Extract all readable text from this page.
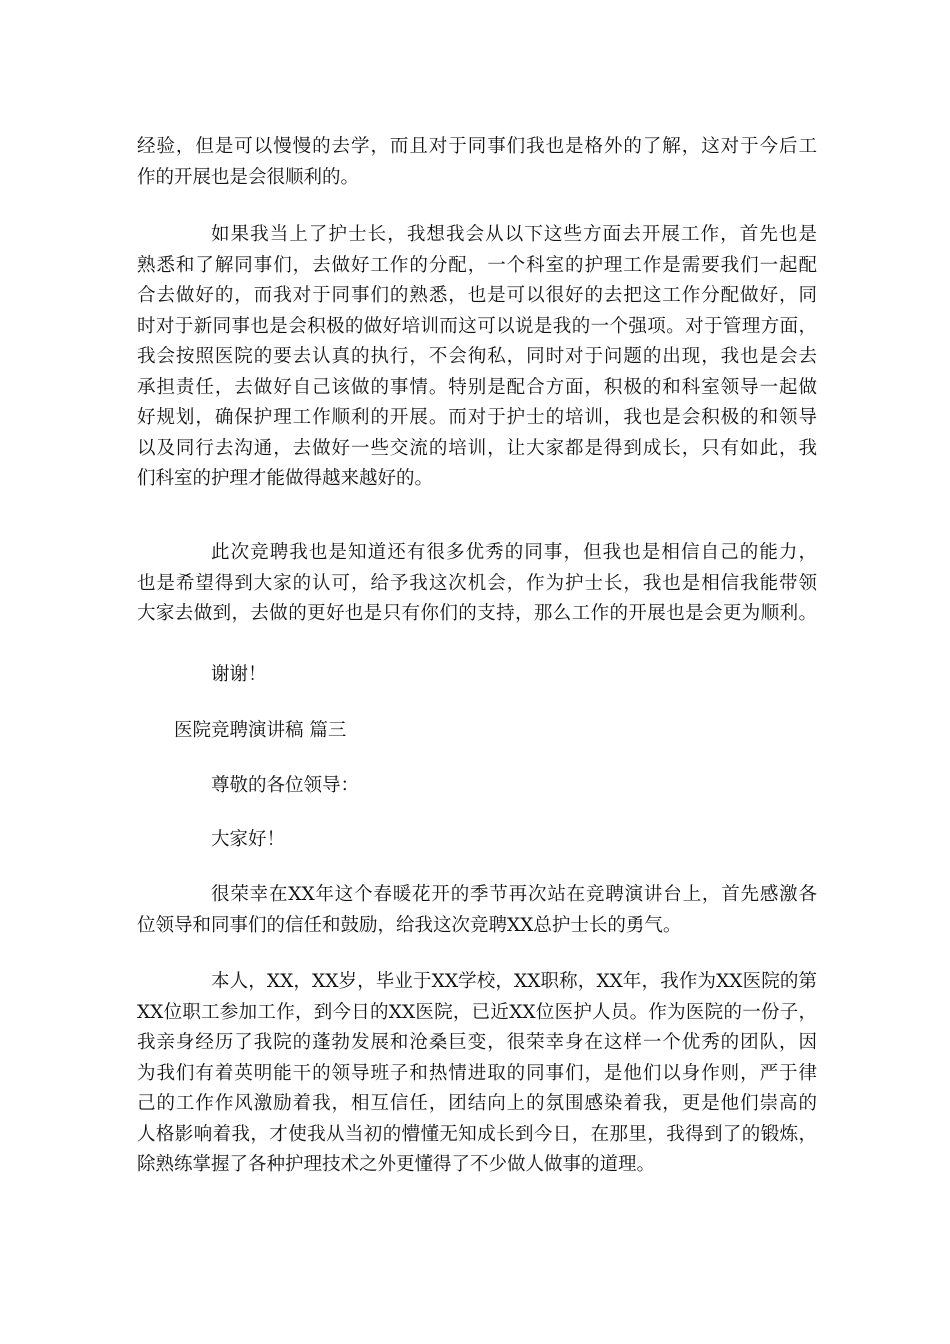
经验，但是可以慢慢的去学，而且对于同事们我也是格外的了解，这对于今后工
作的开展也是会很顺利的。
如果我当上了护士长，我想我会从以下这些方面去开展工作，首先也是
熟悉和了解同事们，去做好工作的分配，一个科室的护理工作是需要我们一起配
合去做好的，而我对于同事们的熟悉，也是可以很好的去把这工作分配做好，同
时对于新同事也是会积极的做好培训而这可以说是我的一个强项。对于管理方面，
我会按照医院的要去认真的执行，不会徇私，同时对于问题的出现，我也是会去
承担责任，去做好自己该做的事情。特别是配合方面，积极的和科室领导一起做
好规划，确保护理工作顺利的开展。而对于护士的培训，我也是会积极的和领导
以及同行去沟通，去做好一些交流的培训，让大家都是得到成长，只有如此，我
们科室的护理才能做得越来越好的。
此次竞聘我也是知道还有很多优秀的同事，但我也是相信自己的能力，
也是希望得到大家的认可，给予我这次机会，作为护士长，我也是相信我能带领
大家去做到，去做的更好也是只有你们的支持，那么工作的开展也是会更为顺利。
谢谢！
医院竞聘演讲稿 篇三
尊敬的各位领导：
大家好！
很荣幸在XX年这个春暖花开的季节再次站在竞聘演讲台上，首先感激各
位领导和同事们的信任和鼓励，给我这次竞聘XX总护士长的勇气。
本人，XX，XX岁，毕业于XX学校，XX职称，XX年，我作为XX医院的第
XX位职工参加工作，到今日的XX医院，已近XX位医护人员。作为医院的一份子，
我亲身经历了我院的蓬勃发展和沧桑巨变，很荣幸身在这样一个优秀的团队，因
为我们有着英明能干的领导班子和热情进取的同事们，是他们以身作则，严于律
己的工作作风激励着我，相互信任，团结向上的氛围感染着我，更是他们崇高的
人格影响着我，才使我从当初的懵懂无知成长到今日，在那里，我得到了的锻炼，
除熟练掌握了各种护理技术之外更懂得了不少做人做事的道理。
